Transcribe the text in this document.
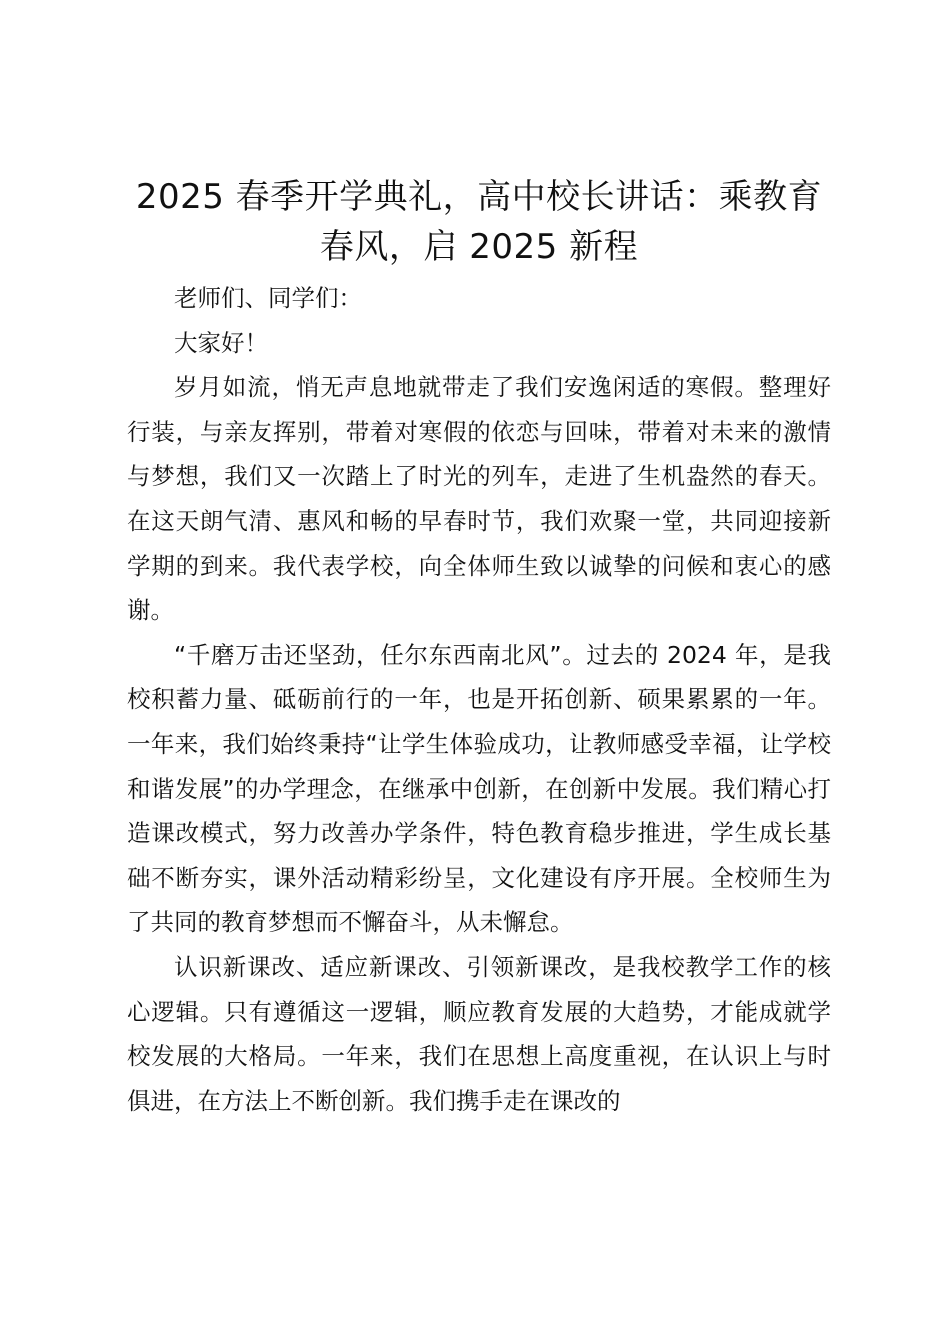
2025 春季开学典礼，高中校长讲话：乘教育春风，启 2025 新程

老师们、同学们：

大家好！

岁月如流，悄无声息地就带走了我们安逸闲适的寒假。整理好行装，与亲友挥别，带着对寒假的依恋与回味，带着对未来的激情与梦想，我们又一次踏上了时光的列车，走进了生机盎然的春天。在这天朗气清、惠风和畅的早春时节，我们欢聚一堂，共同迎接新学期的到来。我代表学校，向全体师生致以诚挚的问候和衷心的感谢。

“千磨万击还坚劲，任尔东西南北风”。过去的 2024 年，是我校积蓄力量、砥砺前行的一年，也是开拓创新、硕果累累的一年。一年来，我们始终秉持“让学生体验成功，让教师感受幸福，让学校和谐发展”的办学理念，在继承中创新，在创新中发展。我们精心打造课改模式，努力改善办学条件，特色教育稳步推进，学生成长基础不断夯实，课外活动精彩纷呈，文化建设有序开展。全校师生为了共同的教育梦想而不懈奋斗，从未懈怠。

认识新课改、适应新课改、引领新课改，是我校教学工作的核心逻辑。只有遵循这一逻辑，顺应教育发展的大趋势，才能成就学校发展的大格局。一年来，我们在思想上高度重视，在认识上与时俱进，在方法上不断创新。我们携手走在课改的
